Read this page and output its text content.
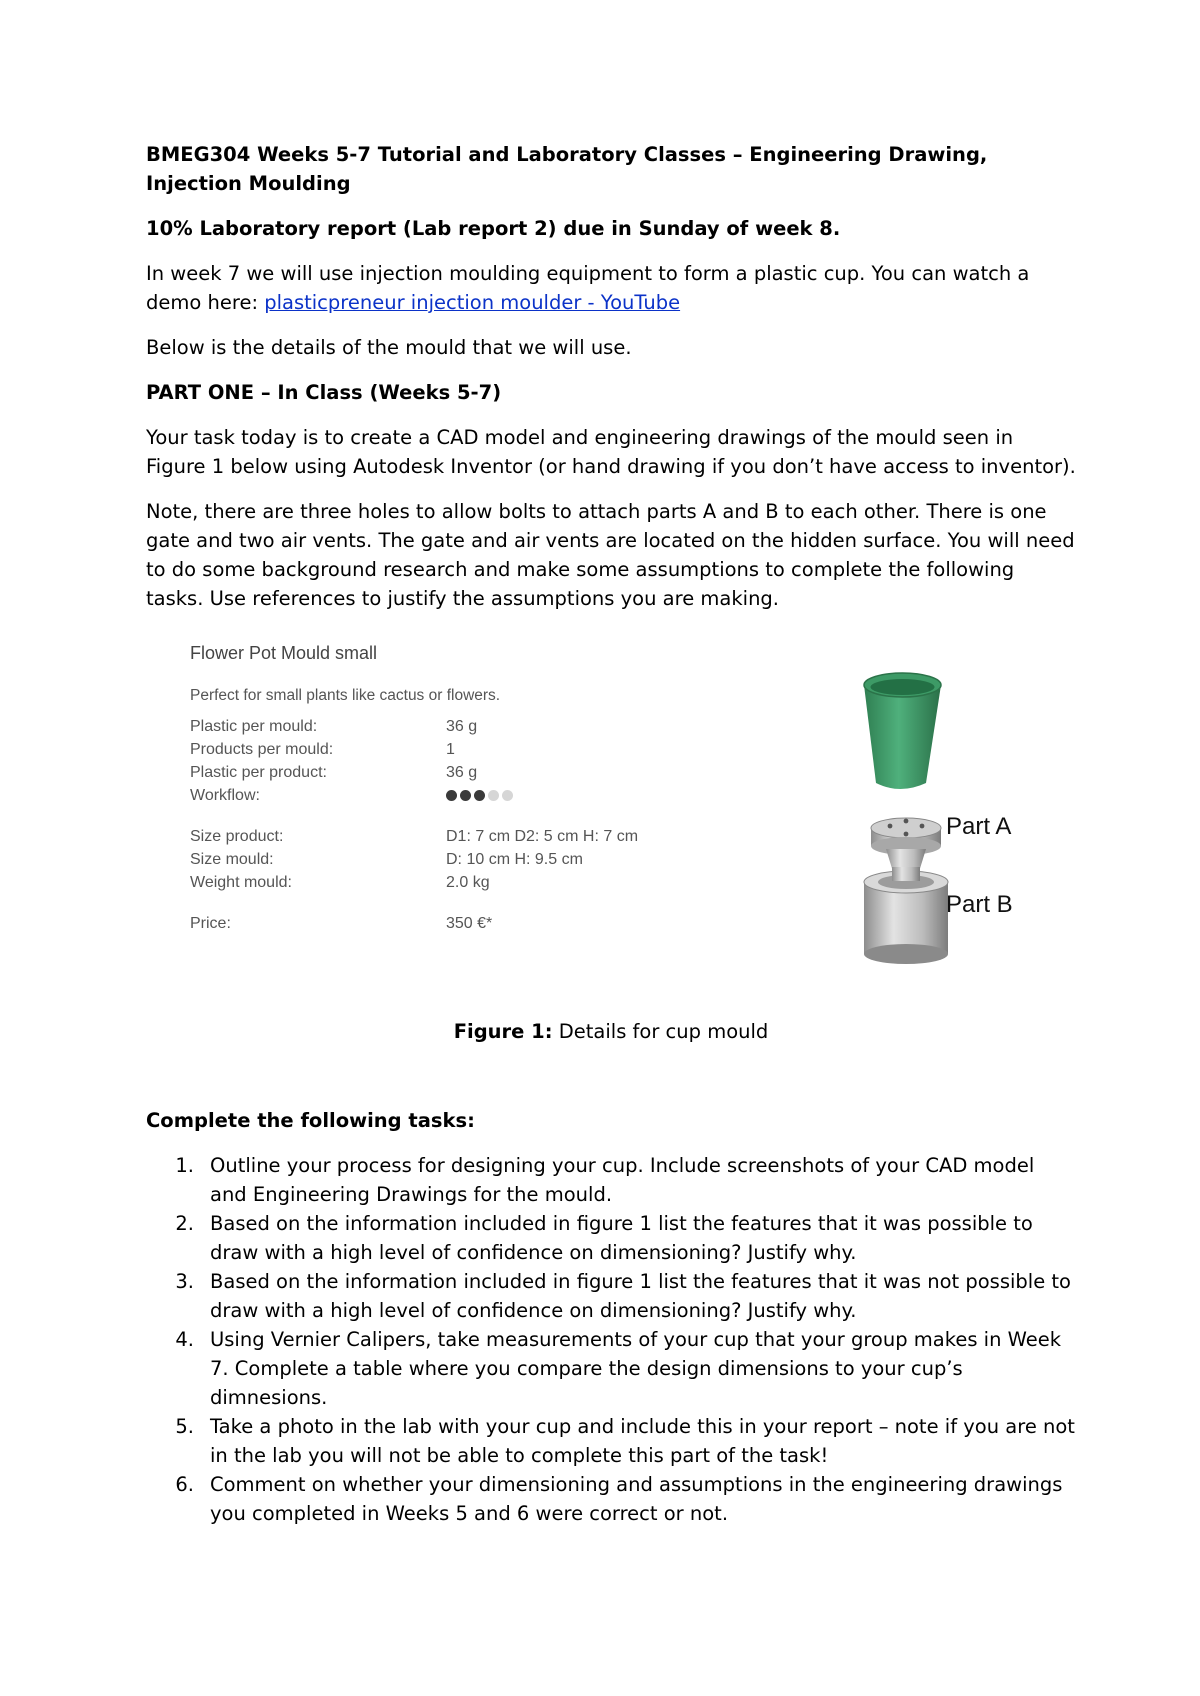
BMEG304 Weeks 5-7 Tutorial and Laboratory Classes – Engineering Drawing, Injection Moulding

10% Laboratory report (Lab report 2) due in Sunday of week 8.

In week 7 we will use injection moulding equipment to form a plastic cup. You can watch a demo here: plasticpreneur injection moulder - YouTube

Below is the details of the mould that we will use.

PART ONE – In Class (Weeks 5-7)

Your task today is to create a CAD model and engineering drawings of the mould seen in Figure 1 below using Autodesk Inventor (or hand drawing if you don’t have access to inventor).

Note, there are three holes to allow bolts to attach parts A and B to each other. There is one gate and two air vents. The gate and air vents are located on the hidden surface. You will need to do some background research and make some assumptions to complete the following tasks. Use references to justify the assumptions you are making.

Flower Pot Mould small
Perfect for small plants like cactus or flowers.
Plastic per mould:	36 g
Products per mould:	1
Plastic per product:	36 g
Workflow:
Size product:	D1: 7 cm D2: 5 cm H: 7 cm
Size mould:	D: 10 cm H: 9.5 cm
Weight mould:	2.0 kg
Price:	350 €*
Part A
Part B

Figure 1: Details for cup mould

Complete the following tasks:

1. Outline your process for designing your cup. Include screenshots of your CAD model and Engineering Drawings for the mould.
2. Based on the information included in figure 1 list the features that it was possible to draw with a high level of confidence on dimensioning? Justify why.
3. Based on the information included in figure 1 list the features that it was not possible to draw with a high level of confidence on dimensioning? Justify why.
4. Using Vernier Calipers, take measurements of your cup that your group makes in Week 7. Complete a table where you compare the design dimensions to your cup’s dimnesions.
5. Take a photo in the lab with your cup and include this in your report – note if you are not in the lab you will not be able to complete this part of the task!
6. Comment on whether your dimensioning and assumptions in the engineering drawings you completed in Weeks 5 and 6 were correct or not.
